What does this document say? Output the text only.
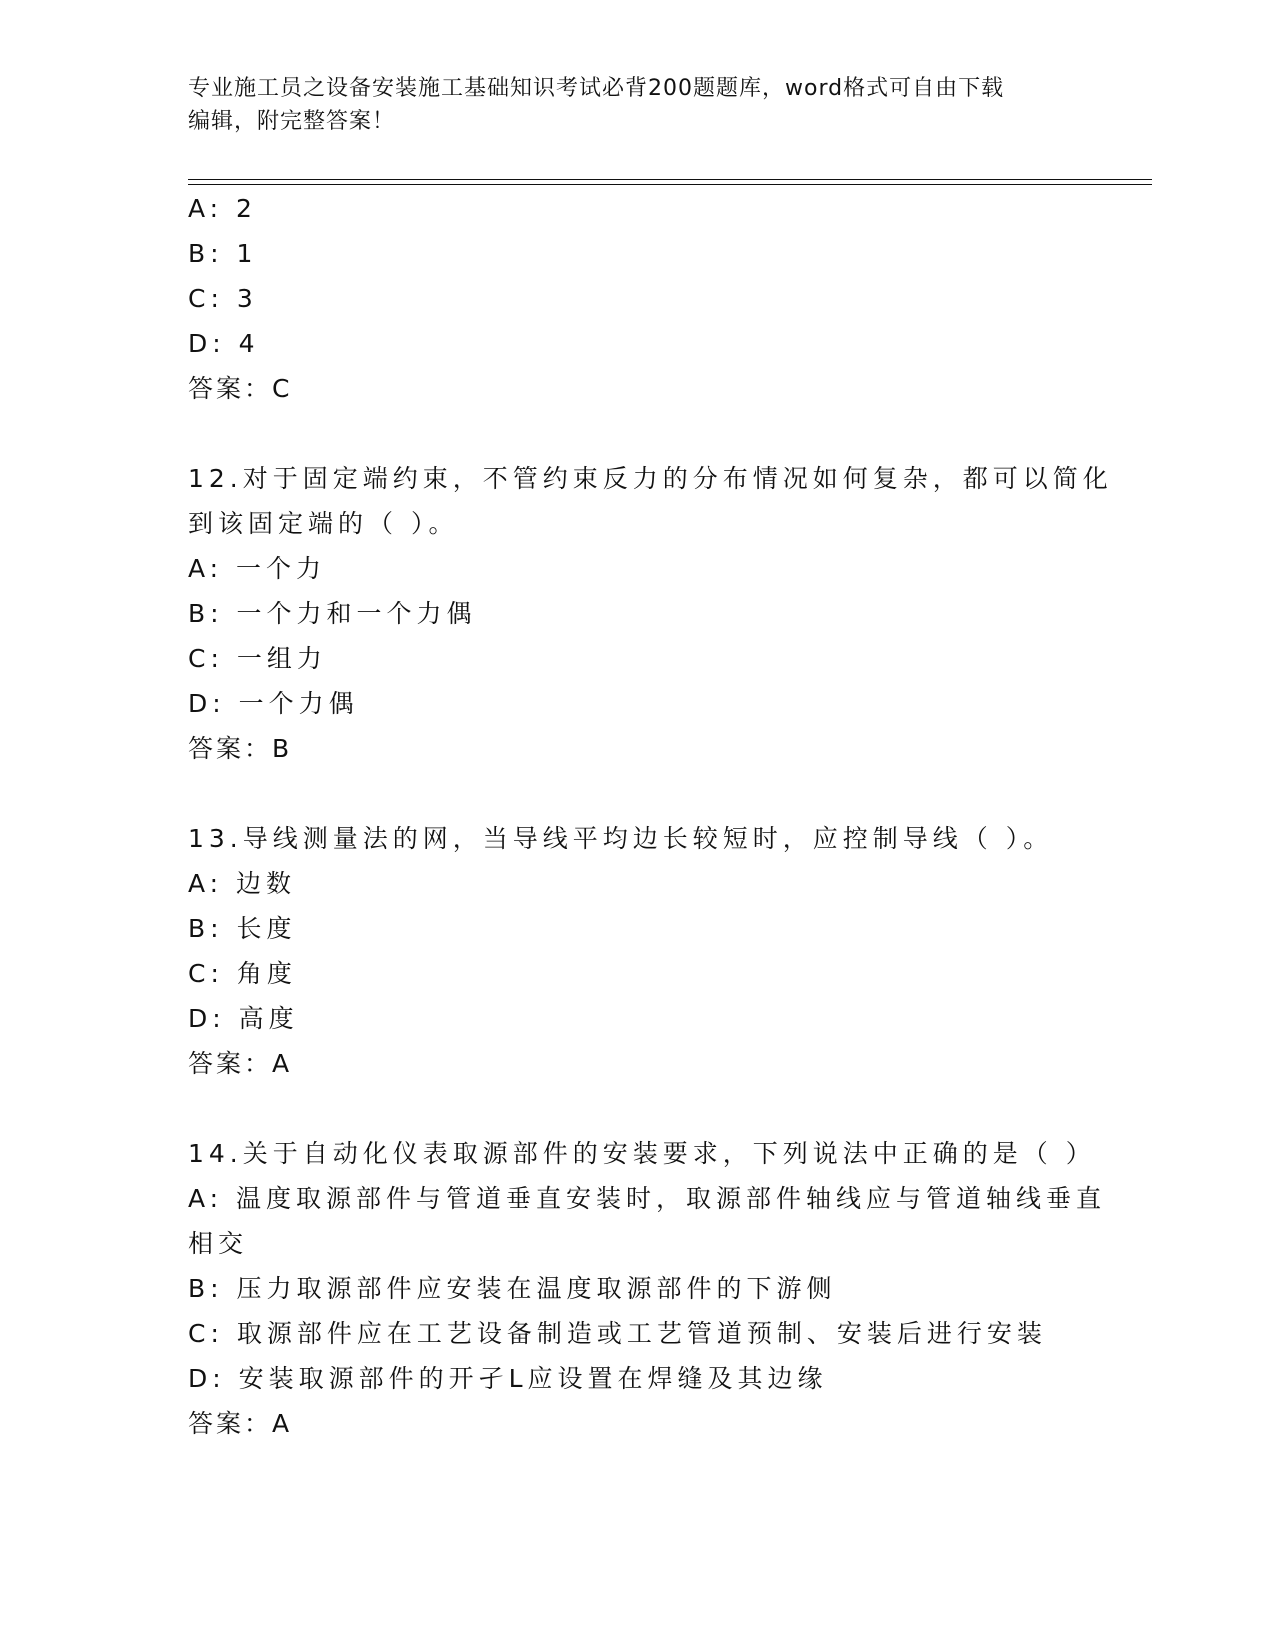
专业施工员之设备安装施工基础知识考试必背200题题库，word格式可自由下载
编辑，附完整答案！
A: 2
B: 1
C: 3
D: 4
答案：C
12.对于固定端约束，不管约束反力的分布情况如何复杂，都可以简化
到该固定端的（ ）。
A: 一个力
B: 一个力和一个力偶
C: 一组力
D: 一个力偶
答案：B
13.导线测量法的网，当导线平均边长较短时，应控制导线（ ）。
A: 边数
B: 长度
C: 角度
D: 高度
答案：A
14.关于自动化仪表取源部件的安装要求，下列说法中正确的是（ ）
A: 温度取源部件与管道垂直安装时，取源部件轴线应与管道轴线垂直
相交
B: 压力取源部件应安装在温度取源部件的下游侧
C: 取源部件应在工艺设备制造或工艺管道预制、安装后进行安装
D: 安装取源部件的开孑L应设置在焊缝及其边缘
答案：A
